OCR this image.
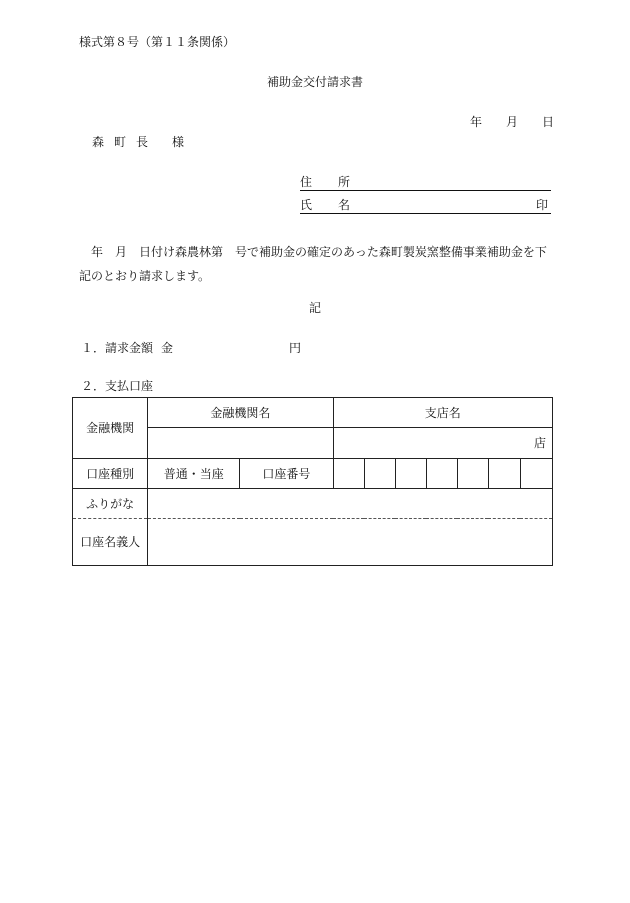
様式第８号（第１１条関係）
補助金交付請求書
年 月 日
森 町 長 様
住 所
氏 名	印
年　月　日付け森農林第　号で補助金の確定のあった森町製炭窯整備事業補助金を下記のとおり請求します。
記
１．請求金額 金	円
２．支払口座
金融機関	金融機関名		支店名						
			店						
口座種別	普通・当座	口座番号							
ふりがな									
口座名義人									
